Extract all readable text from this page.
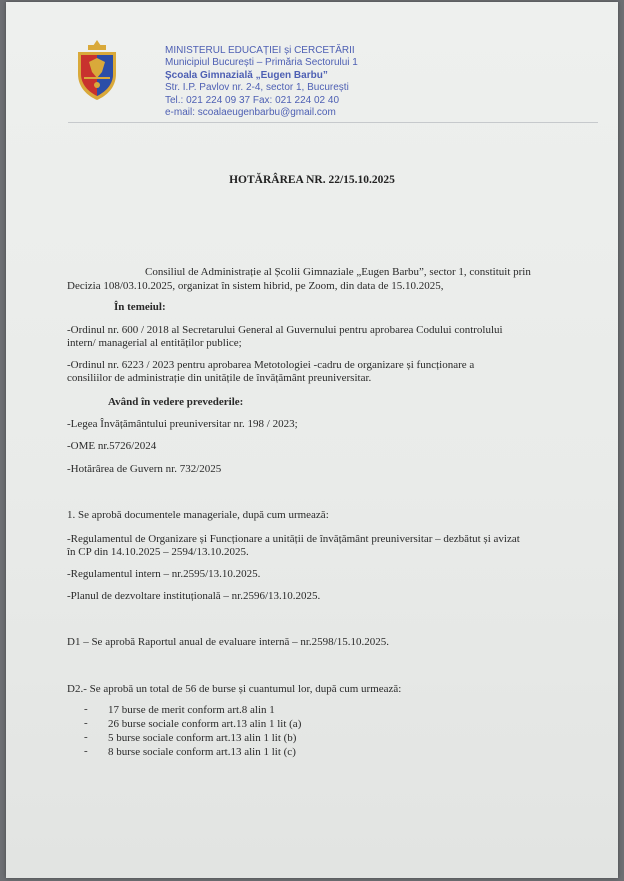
MINISTERUL EDUCAȚIEI și CERCETĂRII
Municipiul București – Primăria Sectorului 1
Școala Gimnazială „Eugen Barbu”
Str. I.P. Pavlov nr. 2-4, sector 1, București
Tel.: 021 224 09 37 Fax: 021 224 02 40
e-mail: scoalaeugenbarbu@gmail.com
HOTĂRÂREA NR. 22/15.10.2025
Consiliul de Administrație al Școlii Gimnaziale „Eugen Barbu”, sector 1, constituit prin
Decizia 108/03.10.2025, organizat în sistem hibrid, pe Zoom, din data de 15.10.2025,
În temeiul:
-Ordinul nr. 600 / 2018 al Secretarului General al Guvernului pentru aprobarea Codului controlului
intern/ managerial al entităților publice;
-Ordinul nr. 6223 / 2023 pentru aprobarea Metotologiei -cadru de organizare și funcționare a
consiliilor de administrație din unitățile de învățământ preuniversitar.
Având în vedere prevederile:
-Legea Învățământului preuniversitar nr. 198 / 2023;
-OME nr.5726/2024
-Hotărârea de Guvern nr. 732/2025
1. Se aprobă documentele manageriale, după cum urmează:
-Regulamentul de Organizare și Funcționare a unității de învățământ preuniversitar – dezbătut și avizat
în CP din 14.10.2025 – 2594/13.10.2025.
-Regulamentul intern – nr.2595/13.10.2025.
-Planul de dezvoltare instituțională – nr.2596/13.10.2025.
D1 – Se aprobă Raportul anual de evaluare internă – nr.2598/15.10.2025.
D2.- Se aprobă un total de 56 de burse și cuantumul lor, după cum urmează:
- 17 burse de merit conform art.8 alin 1
- 26 burse sociale conform art.13 alin 1 lit (a)
- 5 burse sociale conform art.13 alin 1 lit (b)
- 8 burse sociale conform art.13 alin 1 lit (c)
